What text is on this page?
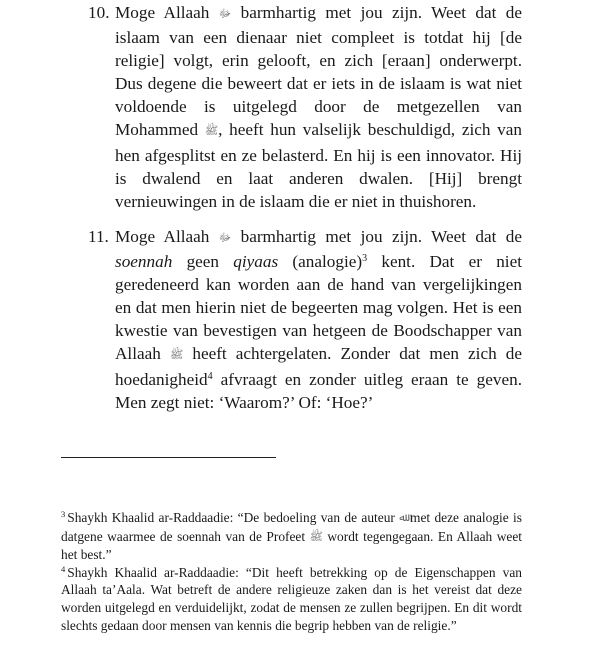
10. Moge Allaah ﷻ barmhartig met jou zijn. Weet dat de islaam van een dienaar niet compleet is totdat hij [de religie] volgt, erin gelooft, en zich [eraan] onderwerpt. Dus degene die beweert dat er iets in de islaam is wat niet voldoende is uitgelegd door de metgezellen van Mohammed ﷺ, heeft hun valselijk beschuldigd, zich van hen afgesplitst en ze belasterd. En hij is een innovator. Hij is dwalend en laat anderen dwalen. [Hij] brengt vernieuwingen in de islaam die er niet in thuishoren.
11. Moge Allaah ﷻ barmhartig met jou zijn. Weet dat de soennah geen qiyaas (analogie)$^3$ kent. Dat er niet geredeneerd kan worden aan de hand van vergelijkingen en dat men hierin niet de begeerten mag volgen. Het is een kwestie van bevestigen van hetgeen de Boodschapper van Allaah ﷺ heeft achtergelaten. Zonder dat men zich de hoedanigheid$^4$ afvraagt en zonder uitleg eraan te geven. Men zegt niet: ‘Waarom?’ Of: ‘Hoe?’

$^3$ Shaykh Khaalid ar-Raddaadie: “De bedoeling van de auteur ﷲ met deze analogie is datgene waarmee de soennah van de Profeet ﷺ wordt tegengegaan. En Allaah weet het best.”

$^4$ Shaykh Khaalid ar-Raddaadie: “Dit heeft betrekking op de Eigenschappen van Allaah ta’Aala. Wat betreft de andere religieuze zaken dan is het vereist dat deze worden uitgelegd en verduidelijkt, zodat de mensen ze zullen begrijpen. En dit wordt slechts gedaan door mensen van kennis die begrip hebben van de religie.”
